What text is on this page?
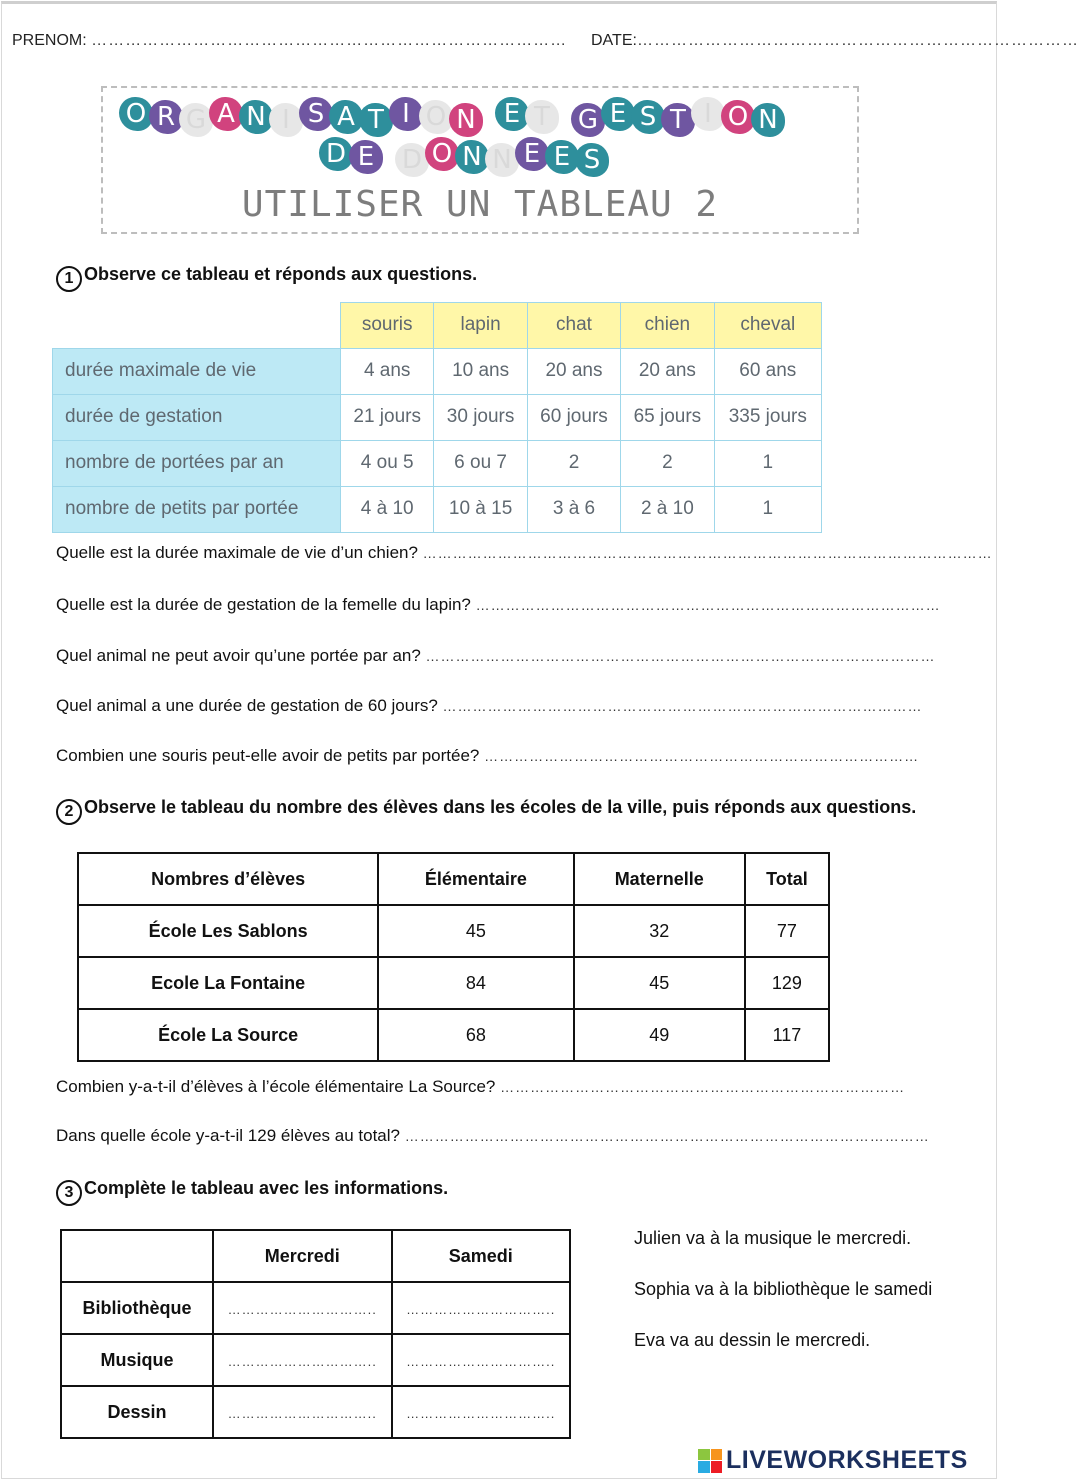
PRENOM: ………………………………………………………………………… DATE:……………………………………………………………………
O R G A N I S A T I O N	E T	G E S T I O N
D E	D O N N E E S
UTILISER UN TABLEAU 2
1 Observe ce tableau et réponds aux questions.
	souris	lapin	chat	chien	cheval
durée maximale de vie	4 ans	10 ans	20 ans	20 ans	60 ans
durée de gestation	21 jours	30 jours	60 jours	65 jours	335 jours
nombre de portées par an	4 ou 5	6 ou 7	2	2	1
nombre de petits par portée	4 à 10	10 à 15	3 à 6	2 à 10	1
Quelle est la durée maximale de vie d’un chien? ……………………………………………………………………………………………………
Quelle est la durée de gestation de la femelle du lapin? …………………………………………………………………………………
Quel animal ne peut avoir qu’une portée par an? …………………………………………………………………………………………
Quel animal a une durée de gestation de 60 jours? ……………………………………………………………………………………
Combien une souris peut-elle avoir de petits par portée? ……………………………………………………………………………
2 Observe le tableau du nombre des élèves dans les écoles de la ville, puis réponds aux questions.
Nombres d’élèves	Élémentaire	Maternelle	Total
École Les Sablons	45	32	77
Ecole La Fontaine	84	45	129
École La Source	68	49	117
Combien y-a-t-il d’élèves à l’école élémentaire La Source? ………………………………………………………………………
Dans quelle école y-a-t-il 129 élèves au total? ……………………………………………………………………………………………
3 Complète le tableau avec les informations.
	Mercredi	Samedi
Bibliothèque	…………………………..	…………………………..
Musique	…………………………..	…………………………..
Dessin	…………………………..	…………………………..
Julien va à la musique le mercredi.
Sophia va à la bibliothèque le samedi
Eva va au dessin le mercredi.
LIVEWORKSHEETS
